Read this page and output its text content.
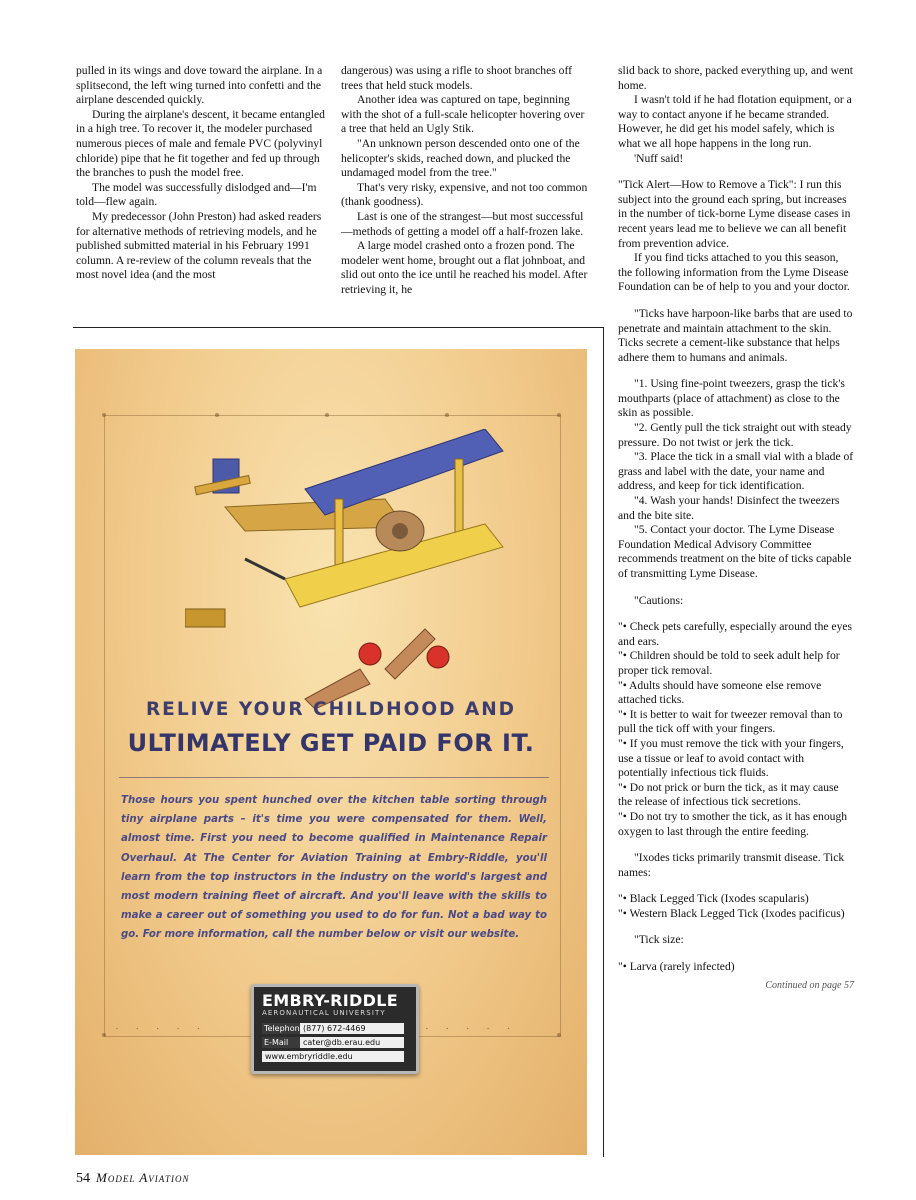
pulled in its wings and dove toward the airplane. In a splitsecond, the left wing turned into confetti and the airplane descended quickly.

During the airplane's descent, it became entangled in a high tree. To recover it, the modeler purchased numerous pieces of male and female PVC (polyvinyl chloride) pipe that he fit together and fed up through the branches to push the model free.

The model was successfully dislodged and—I'm told—flew again.

My predecessor (John Preston) had asked readers for alternative methods of retrieving models, and he published submitted material in his February 1991 column. A re-review of the column reveals that the most novel idea (and the most

dangerous) was using a rifle to shoot branches off trees that held stuck models.

Another idea was captured on tape, beginning with the shot of a full-scale helicopter hovering over a tree that held an Ugly Stik.

"An unknown person descended onto one of the helicopter's skids, reached down, and plucked the undamaged model from the tree."

That's very risky, expensive, and not too common (thank goodness).

Last is one of the strangest—but most successful—methods of getting a model off a half-frozen lake.

A large model crashed onto a frozen pond. The modeler went home, brought out a flat johnboat, and slid out onto the ice until he reached his model. After retrieving it, he

slid back to shore, packed everything up, and went home.

I wasn't told if he had flotation equipment, or a way to contact anyone if he became stranded. However, he did get his model safely, which is what we all hope happens in the long run.

'Nuff said!

"Tick Alert—How to Remove a Tick": I run this subject into the ground each spring, but increases in the number of tick-borne Lyme disease cases in recent years lead me to believe we can all benefit from prevention advice.

If you find ticks attached to you this season, the following information from the Lyme Disease Foundation can be of help to you and your doctor.

"Ticks have harpoon-like barbs that are used to penetrate and maintain attachment to the skin. Ticks secrete a cement-like substance that helps adhere them to humans and animals.

"1. Using fine-point tweezers, grasp the tick's mouthparts (place of attachment) as close to the skin as possible.

"2. Gently pull the tick straight out with steady pressure. Do not twist or jerk the tick.

"3. Place the tick in a small vial with a blade of grass and label with the date, your name and address, and keep for tick identification.

"4. Wash your hands! Disinfect the tweezers and the bite site.

"5. Contact your doctor. The Lyme Disease Foundation Medical Advisory Committee recommends treatment on the bite of ticks capable of transmitting Lyme Disease.

"Cautions:

"• Check pets carefully, especially around the eyes and ears.

"• Children should be told to seek adult help for proper tick removal.

"• Adults should have someone else remove attached ticks.

"• It is better to wait for tweezer removal than to pull the tick off with your fingers.

"• If you must remove the tick with your fingers, use a tissue or leaf to avoid contact with potentially infectious tick fluids.

"• Do not prick or burn the tick, as it may cause the release of infectious tick secretions.

"• Do not try to smother the tick, as it has enough oxygen to last through the entire feeding.

"Ixodes ticks primarily transmit disease. Tick names:

"• Black Legged Tick (Ixodes scapularis)

"• Western Black Legged Tick (Ixodes pacificus)

"Tick size:

"• Larva (rarely infected)

Continued on page 57
RELIVE YOUR CHILDHOOD AND
ULTIMATELY GET PAID FOR IT.
Those hours you spent hunched over the kitchen table sorting through tiny airplane parts – it's time you were compensated for them. Well, almost time. First you need to become qualified in Maintenance Repair Overhaul. At The Center for Aviation Training at Embry-Riddle, you'll learn from the top instructors in the industry on the world's largest and most modern training fleet of aircraft. And you'll leave with the skills to make a career out of something you used to do for fun. Not a bad way to go. For more information, call the number below or visit our website.
· · · · ·	· · · · ·
EMBRY-RIDDLE
AERONAUTICAL UNIVERSITY
Telephone(877) 672-4469
E-Mail cater@db.erau.edu
www.embryriddle.edu
54 Model Aviation
